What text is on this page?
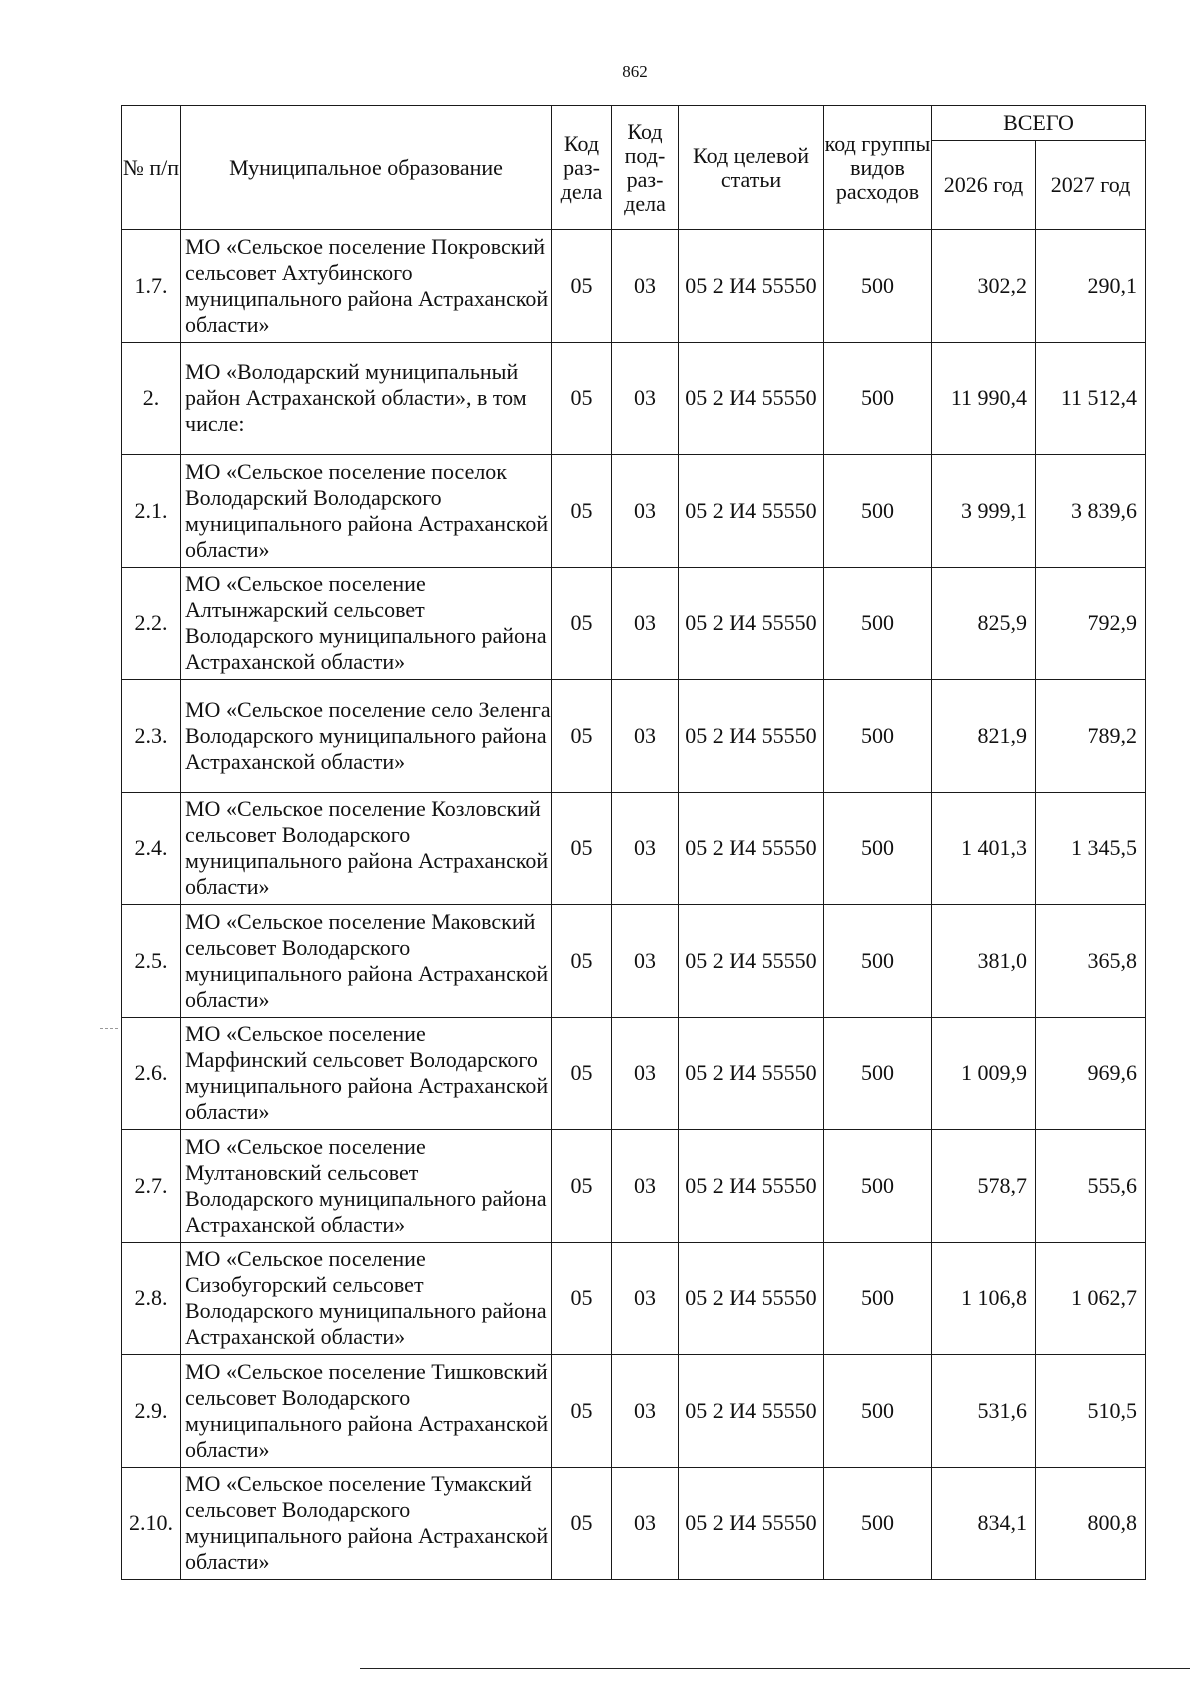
862
№ п/п	Муниципальное образование	Код раз-дела	Код под-раз-дела	Код целевой статьи	код группы видов расходов	ВСЕГО	
						2026 год	2027 год
1.7.	МО «Сельское поселение Покровский сельсовет Ахтубинского муниципального района Астраханской области»	05	03	05 2 И4 55550	500	302,2	290,1
2.	МО «Володарский муниципальный район Астраханской области», в том числе:	05	03	05 2 И4 55550	500	11 990,4	11 512,4
2.1.	МО «Сельское поселение поселок Володарский Володарского муниципального района Астраханской области»	05	03	05 2 И4 55550	500	3 999,1	3 839,6
2.2.	МО «Сельское поселение Алтынжарский сельсовет Володарского муниципального района Астраханской области»	05	03	05 2 И4 55550	500	825,9	792,9
2.3.	МО «Сельское поселение село Зеленга Володарского муниципального района Астраханской области»	05	03	05 2 И4 55550	500	821,9	789,2
2.4.	МО «Сельское поселение Козловский сельсовет Володарского муниципального района Астраханской области»	05	03	05 2 И4 55550	500	1 401,3	1 345,5
2.5.	МО «Сельское поселение Маковский сельсовет Володарского муниципального района Астраханской области»	05	03	05 2 И4 55550	500	381,0	365,8
2.6.	МО «Сельское поселение Марфинский сельсовет Володарского муниципального района Астраханской области»	05	03	05 2 И4 55550	500	1 009,9	969,6
2.7.	МО «Сельское поселение Мултановский сельсовет Володарского муниципального района Астраханской области»	05	03	05 2 И4 55550	500	578,7	555,6
2.8.	МО «Сельское поселение Сизобугорский сельсовет Володарского муниципального района Астраханской области»	05	03	05 2 И4 55550	500	1 106,8	1 062,7
2.9.	МО «Сельское поселение Тишковский сельсовет Володарского муниципального района Астраханской области»	05	03	05 2 И4 55550	500	531,6	510,5
2.10.	МО «Сельское поселение Тумакский сельсовет Володарского муниципального района Астраханской области»	05	03	05 2 И4 55550	500	834,1	800,8
